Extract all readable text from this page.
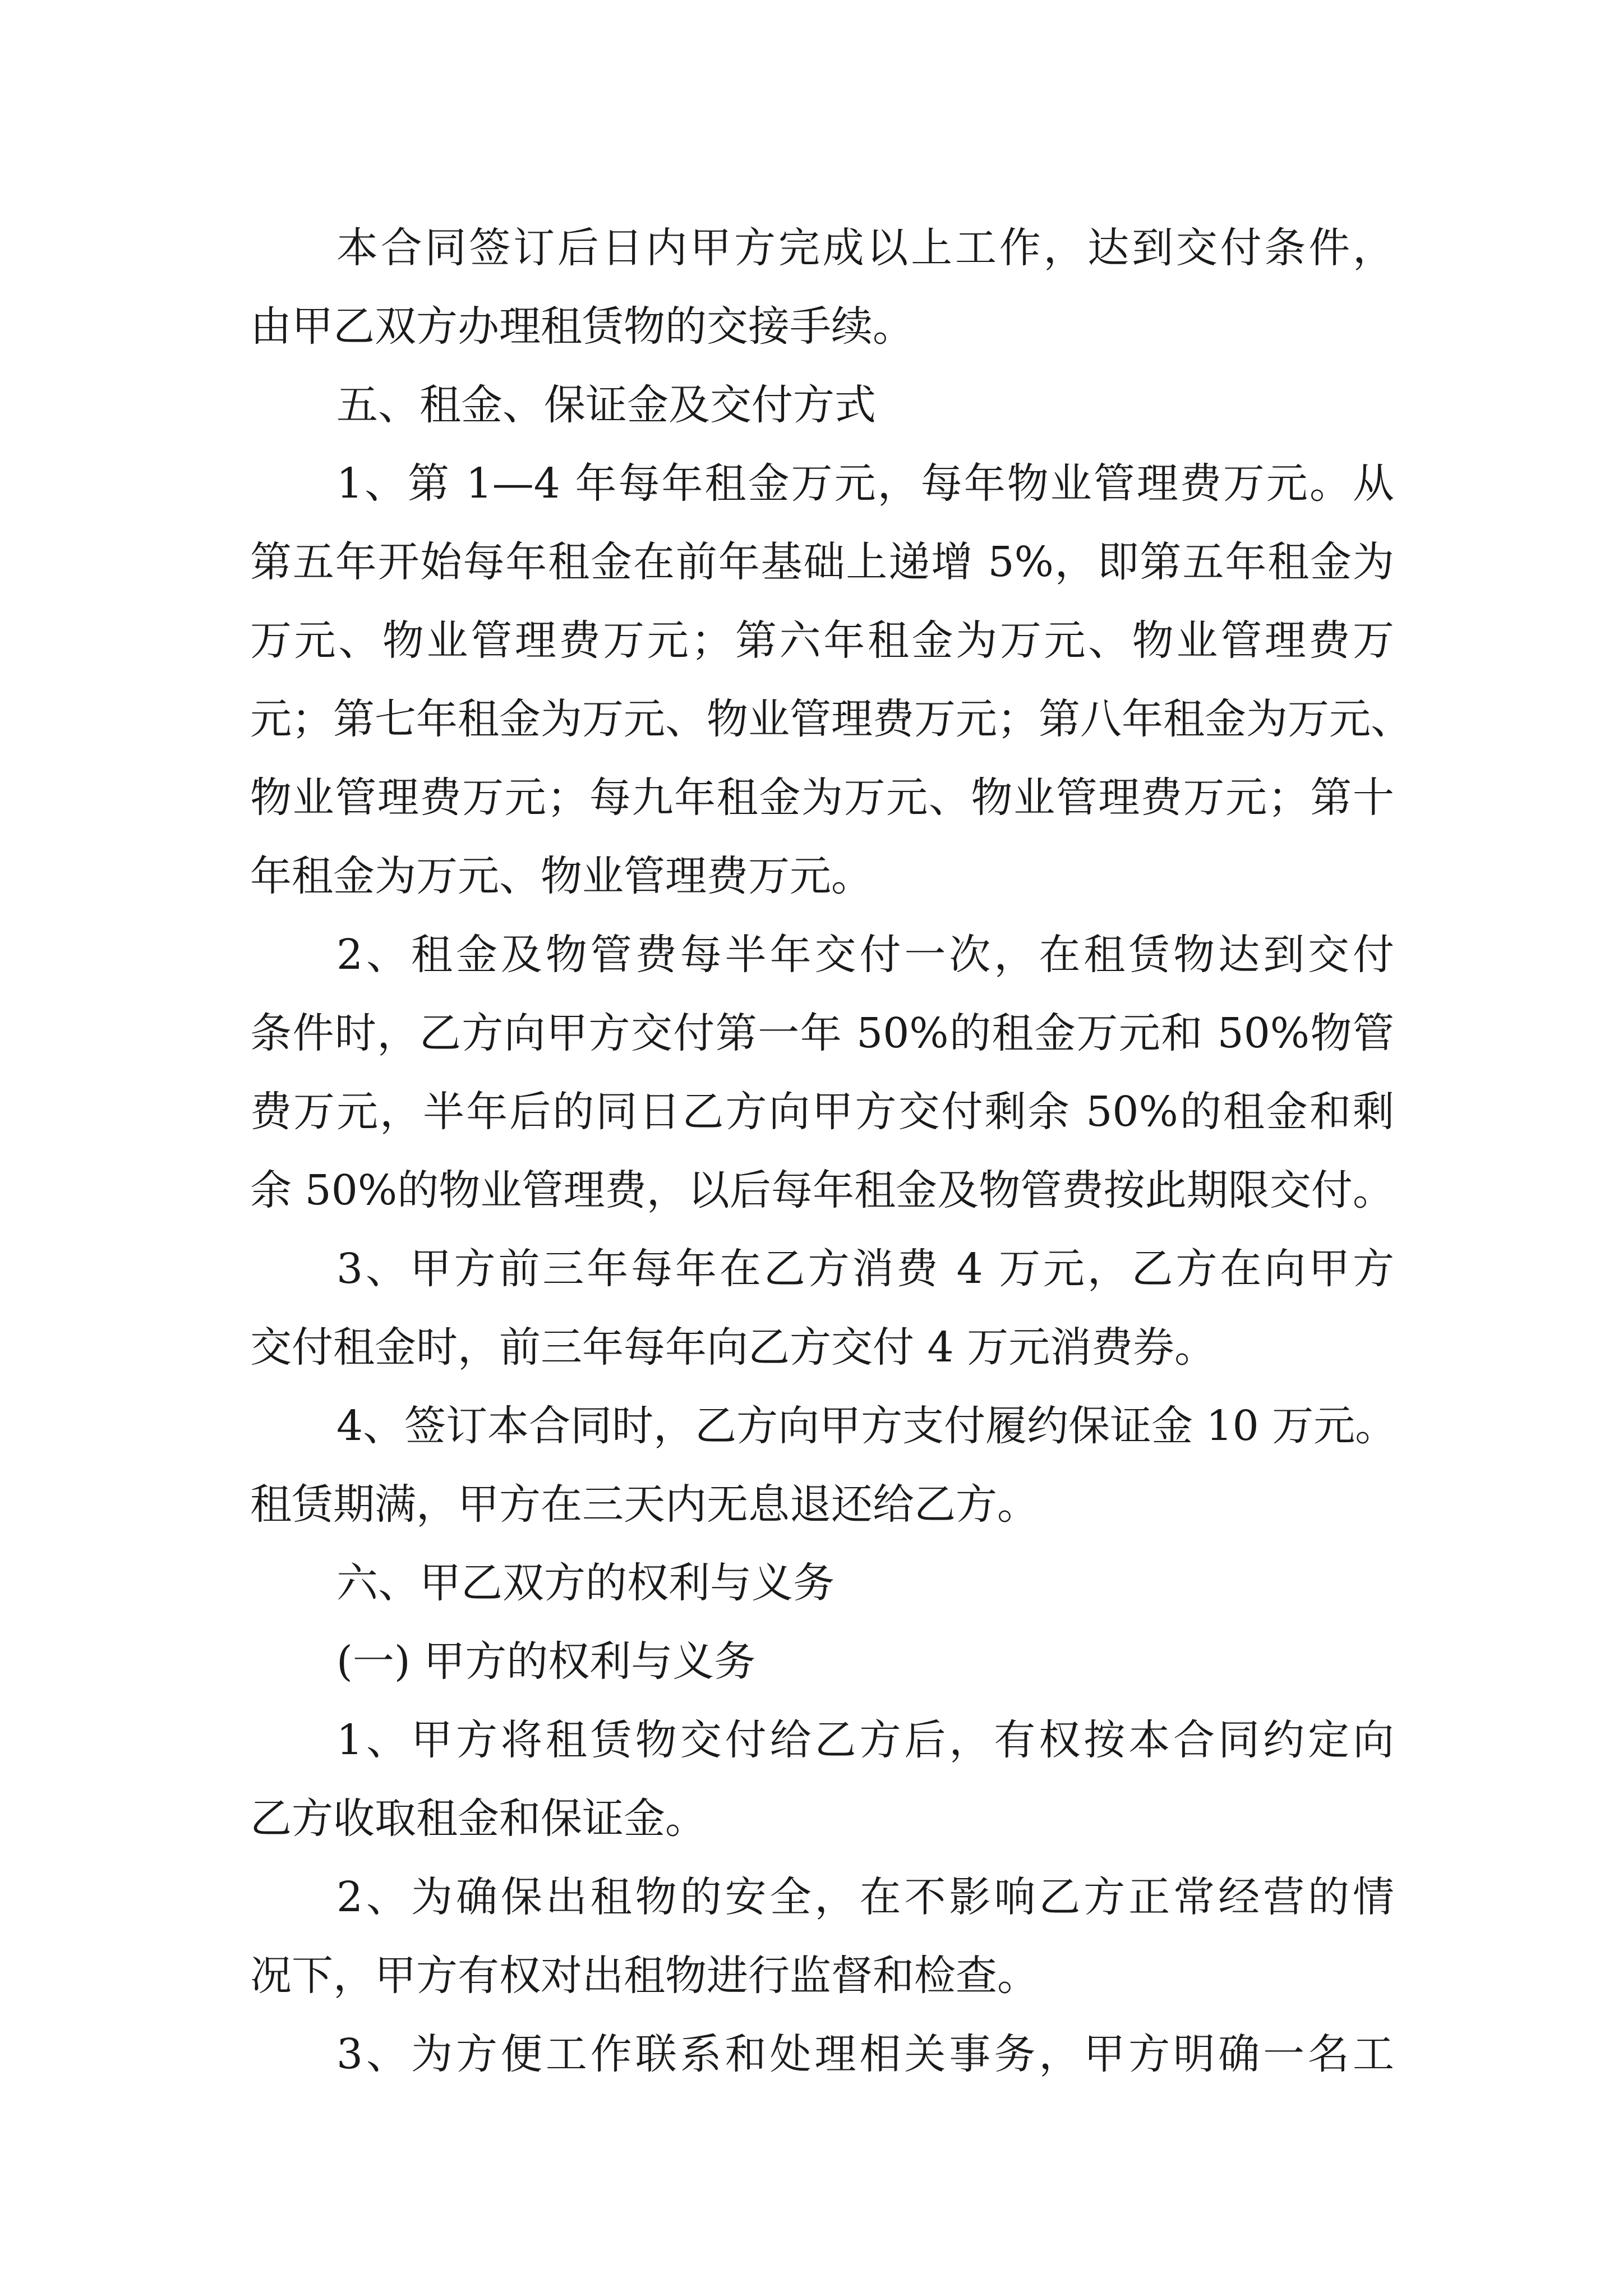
本合同签订后日内甲方完成以上工作，达到交付条件，
由甲乙双方办理租赁物的交接手续。
五、租金、保证金及交付方式
1、第 1—4 年每年租金万元，每年物业管理费万元。从
第五年开始每年租金在前年基础上递增 5%，即第五年租金为
万元、物业管理费万元；第六年租金为万元、物业管理费万
元；第七年租金为万元、物业管理费万元；第八年租金为万元、
物业管理费万元；每九年租金为万元、物业管理费万元；第十
年租金为万元、物业管理费万元。
2、租金及物管费每半年交付一次，在租赁物达到交付
条件时，乙方向甲方交付第一年 50%的租金万元和 50%物管
费万元，半年后的同日乙方向甲方交付剩余 50%的租金和剩
余 50%的物业管理费，以后每年租金及物管费按此期限交付。
3、甲方前三年每年在乙方消费 4 万元，乙方在向甲方
交付租金时，前三年每年向乙方交付 4 万元消费券。
4、签订本合同时，乙方向甲方支付履约保证金 10 万元。
租赁期满，甲方在三天内无息退还给乙方。
六、甲乙双方的权利与义务
(一) 甲方的权利与义务
1、甲方将租赁物交付给乙方后，有权按本合同约定向
乙方收取租金和保证金。
2、为确保出租物的安全，在不影响乙方正常经营的情
况下，甲方有权对出租物进行监督和检查。
3、为方便工作联系和处理相关事务，甲方明确一名工
